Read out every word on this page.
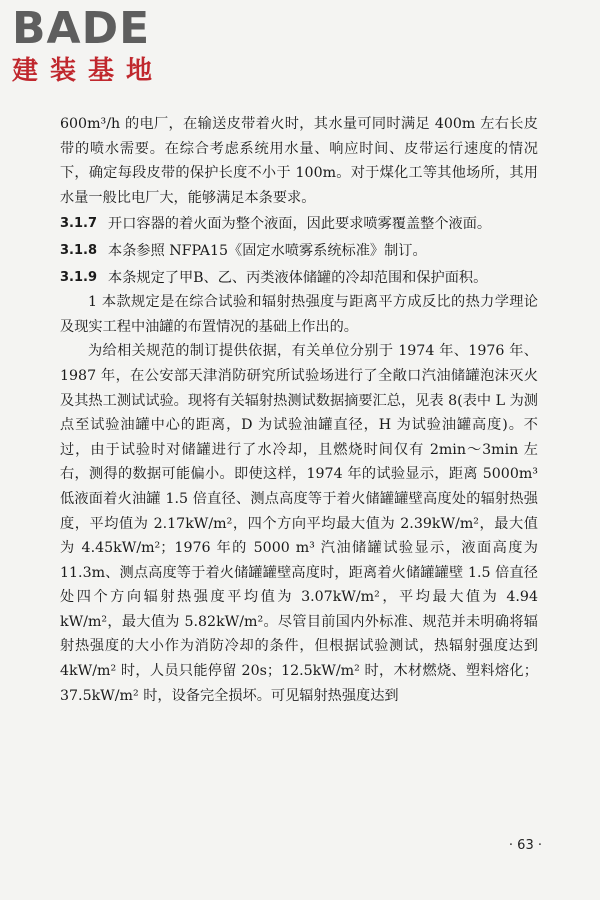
BADE
建装基地

600m³/h 的电厂，在输送皮带着火时，其水量可同时满足 400m 左右长皮带的喷水需要。在综合考虑系统用水量、响应时间、皮带运行速度的情况下，确定每段皮带的保护长度不小于 100m。对于煤化工等其他场所，其用水量一般比电厂大，能够满足本条要求。

3.1.7 开口容器的着火面为整个液面，因此要求喷雾覆盖整个液面。
3.1.8 本条参照 NFPA15《固定水喷雾系统标准》制订。
3.1.9 本条规定了甲B、乙、丙类液体储罐的冷却范围和保护面积。

1 本款规定是在综合试验和辐射热强度与距离平方成反比的热力学理论及现实工程中油罐的布置情况的基础上作出的。

为给相关规范的制订提供依据，有关单位分别于 1974 年、1976 年、1987 年，在公安部天津消防研究所试验场进行了全敞口汽油储罐泡沫灭火及其热工测试试验。现将有关辐射热测试数据摘要汇总，见表 8(表中 L 为测点至试验油罐中心的距离，D 为试验油罐直径，H 为试验油罐高度)。不过，由于试验时对储罐进行了水冷却，且燃烧时间仅有 2min～3min 左右，测得的数据可能偏小。即使这样，1974 年的试验显示，距离 5000m³ 低液面着火油罐 1.5 倍直径、测点高度等于着火储罐罐壁高度处的辐射热强度，平均值为 2.17kW/m²，四个方向平均最大值为 2.39kW/m²，最大值为 4.45kW/m²；1976 年的 5000 m³ 汽油储罐试验显示，液面高度为 11.3m、测点高度等于着火储罐罐壁高度时，距离着火储罐罐壁 1.5 倍直径处四个方向辐射热强度平均值为 3.07kW/m²，平均最大值为 4.94 kW/m²，最大值为 5.82kW/m²。尽管目前国内外标准、规范并未明确将辐射热强度的大小作为消防冷却的条件，但根据试验测试，热辐射强度达到 4kW/m² 时，人员只能停留 20s；12.5kW/m² 时，木材燃烧、塑料熔化；37.5kW/m² 时，设备完全损坏。可见辐射热强度达到

· 63 ·
